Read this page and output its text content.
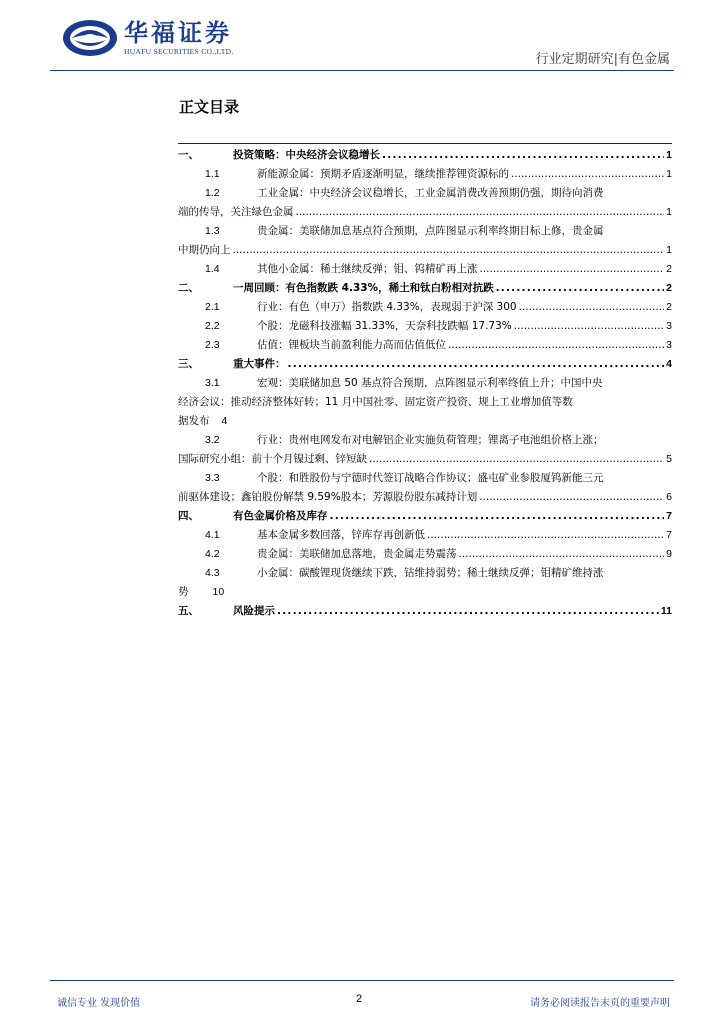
华福证券
HUAFU SECURITIES CO.,LTD.
行业定期研究|有色金属
正文目录
一、	投资策略：中央经济会议稳增长 .....	1
1.1	新能源金属：预期矛盾逐渐明显，继续推荐锂资源标的 .....	1
1.2	工业金属：中央经济会议稳增长，工业金属消费改善预期仍强，期待向消费
端的传导，关注绿色金属 .....	1
1.3	贵金属：美联储加息基点符合预期，点阵图显示利率终期目标上修，贵金属
中期仍向上 .....	1
1.4	其他小金属：稀土继续反弹；钼、钨精矿再上涨 .....	2
二、	一周回顾：有色指数跌 4.33%，稀土和钛白粉相对抗跌 .....	2
2.1	行业：有色（申万）指数跌 4.33%，表现弱于沪深 300 .....	2
2.2	个股：龙磁科技涨幅 31.33%，天奈科技跌幅 17.73% .....	3
2.3	估值：锂板块当前盈利能力高而估值低位 .....	3
三、	重大事件： .....	4
3.1	宏观：美联储加息 50 基点符合预期，点阵图显示利率终值上升；中国中央
经济会议：推动经济整体好转；11 月中国社零、固定资产投资、规上工业增加值等数
据发布 4
3.2	行业：贵州电网发布对电解铝企业实施负荷管理；锂离子电池组价格上涨；
国际研究小组：前十个月镍过剩、锌短缺 .....	5
3.3	个股：和胜股份与宁德时代签订战略合作协议；盛屯矿业参股厦钨新能三元
前驱体建设；鑫铂股份解禁 9.59%股本；芳源股份股东减持计划 .....	6
四、	有色金属价格及库存 .....	7
4.1	基本金属多数回落，锌库存再创新低 .....	7
4.2	贵金属：美联储加息落地，贵金属走势震荡 .....	9
4.3	小金属：碳酸锂现货继续下跌，钴维持弱势；稀土继续反弹；钼精矿维持涨
势 10
五、	风险提示 .....	11
诚信专业 发现价值	2	请务必阅读报告末页的重要声明
